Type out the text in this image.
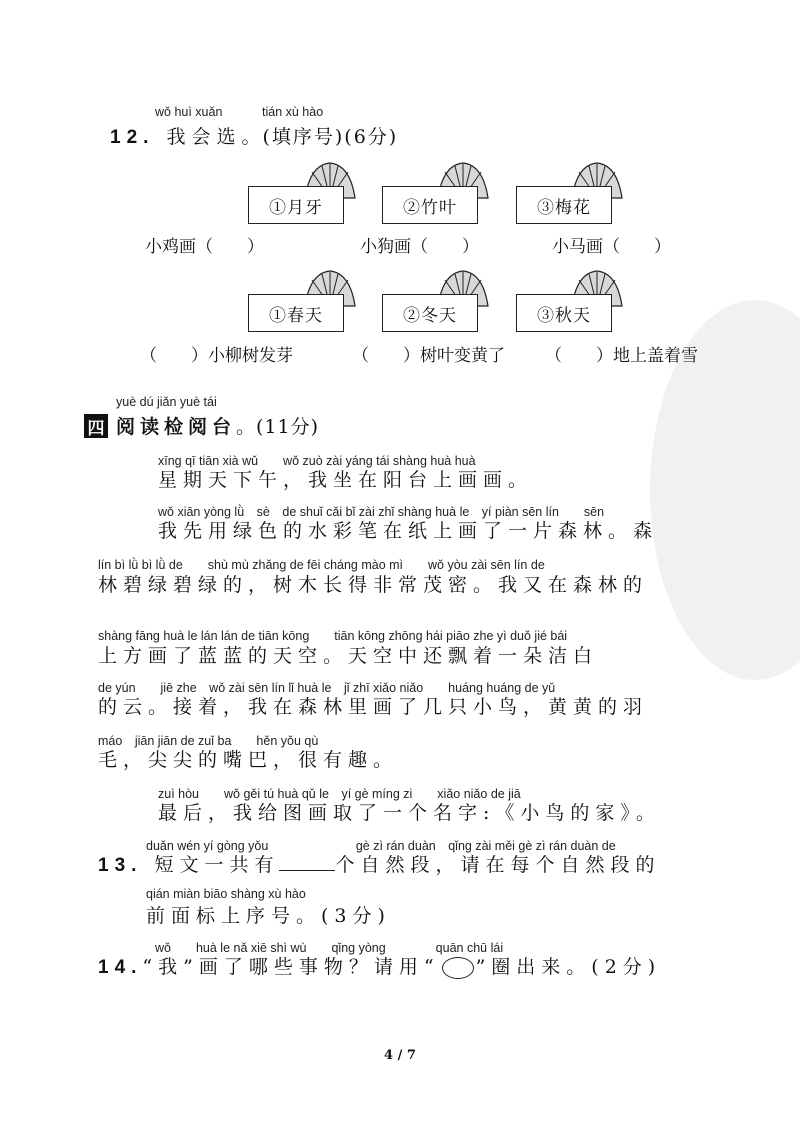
wǒ huì xuǎn	tián xù hào
12. 我会选。(填序号)(6分)
①月牙	②竹叶	③梅花
小鸡画（　　）	小狗画（　　）	小马画（　　）
①春天	②冬天	③秋天
（　　）小柳树发芽	（　　）树叶变黄了 （　　）地上盖着雪
yuè dú jiǎn yuè tái
四 阅读检阅台。(11分)
xīng qī tiān xià wǔ　　wǒ zuò zài yáng tái shàng huà huà
星期天下午，我坐在阳台上画画。
wǒ xiān yòng lǜ　sè　de shuǐ cǎi bǐ zài zhǐ shàng huà le　yí piàn sēn lín　　sēn
我先用绿色的水彩笔在纸上画了一片森林。森
lín bì lǜ bì lǜ de　　shù mù zhǎng de fēi cháng mào mì　　wǒ yòu zài sēn lín de
林碧绿碧绿的，树木长得非常茂密。我又在森林的
shàng fāng huà le lán lán de tiān kōng　　tiān kōng zhōng hái piāo zhe yì duǒ jié bái
上方画了蓝蓝的天空。天空中还飘着一朵洁白
de yún　　jiē zhe　wǒ zài sēn lín lǐ huà le　jǐ zhī xiǎo niǎo　　huáng huáng de yǔ
的云。接着，我在森林里画了几只小鸟，黄黄的羽
máo　jiān jiān de zuǐ ba　　hěn yǒu qù
毛，尖尖的嘴巴，很有趣。
zuì hòu　　wǒ gěi tú huà qǔ le　yí gè míng zi　　xiǎo niǎo de jiā
最后，我给图画取了一个名字:《小鸟的家》。
duǎn wén yí gòng yǒu　　　　　　　gè zì rán duàn　qǐng zài měi gè zì rán duàn de
13. 短文一共有	个自然段，请在每个自然段的
qián miàn biāo shàng xù hào
前面标上序号。(3分)
wǒ　　huà le nǎ xiē shì wù　　qǐng yòng　　　　quān chū lái
14.“我”画了哪些事物？请用“ ”圈出来。(2分)
4 / 7
